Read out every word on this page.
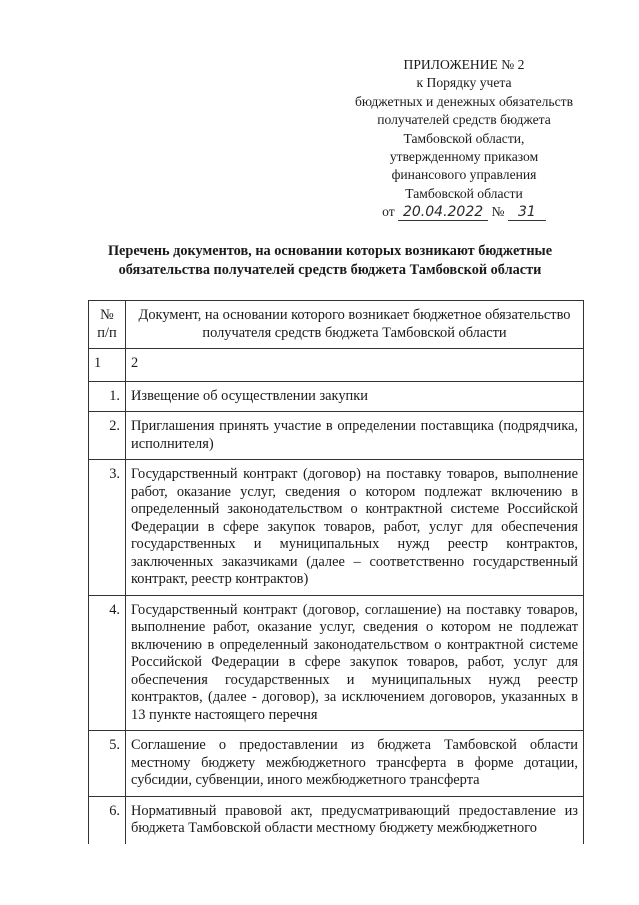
ПРИЛОЖЕНИЕ № 2
к Порядку учета
бюджетных и денежных обязательств
получателей средств бюджета
Тамбовской области,
утвержденному приказом
финансового управления
Тамбовской области
от 20.04.2022 № 31
Перечень документов, на основании которых возникают бюджетные
обязательства получателей средств бюджета Тамбовской области
№ п/п	Документ, на основании которого возникает бюджетное обязательство получателя средств бюджета Тамбовской области
1	2
1.	Извещение об осуществлении закупки
2.	Приглашения принять участие в определении поставщика (подрядчика, исполнителя)
3.	Государственный контракт (договор) на поставку товаров, выполнение работ, оказание услуг, сведения о котором подлежат включению в определенный законодательством о контрактной системе Российской Федерации в сфере закупок товаров, работ, услуг для обеспечения государственных и муниципальных нужд реестр контрактов, заключенных заказчиками (далее – соответственно государственный контракт, реестр контрактов)
4.	Государственный контракт (договор, соглашение) на поставку товаров, выполнение работ, оказание услуг, сведения о котором не подлежат включению в определенный законодательством о контрактной системе Российской Федерации в сфере закупок товаров, работ, услуг для обеспечения государственных и муниципальных нужд реестр контрактов, (далее - договор), за исключением договоров, указанных в 13 пункте настоящего перечня
5.	Соглашение о предоставлении из бюджета Тамбовской области местному бюджету межбюджетного трансферта в форме дотации, субсидии, субвенции, иного межбюджетного трансферта
6.	Нормативный правовой акт, предусматривающий предоставление из бюджета Тамбовской области местному бюджету межбюджетного
